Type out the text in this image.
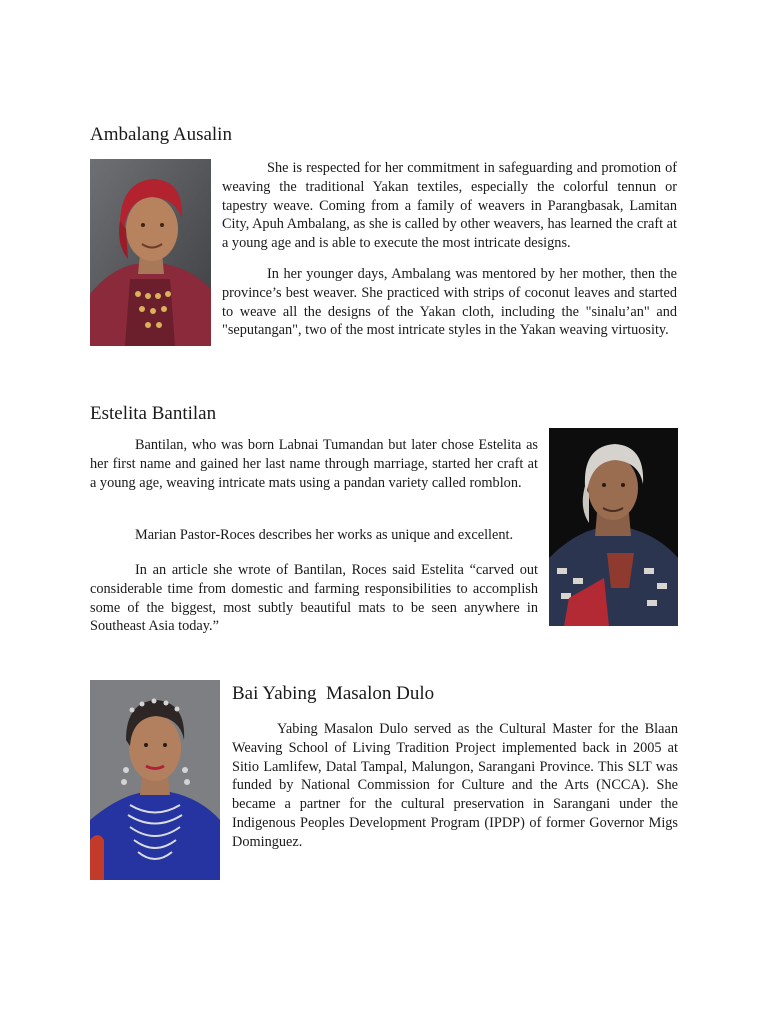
Ambalang Ausalin

She is respected for her commitment in safeguarding and promotion of weaving the traditional Yakan textiles, especially the colorful tennun or tapestry weave. Coming from a family of weavers in Parangbasak, Lamitan City, Apuh Ambalang, as she is called by other weavers, has learned the craft at a young age and is able to execute the most intricate designs.

In her younger days, Ambalang was mentored by her mother, then the province’s best weaver. She practiced with strips of coconut leaves and started to weave all the designs of the Yakan cloth, including the "sinalu’an" and "seputangan", two of the most intricate styles in the Yakan weaving virtuosity.

Estelita Bantilan

Bantilan, who was born Labnai Tumandan but later chose Estelita as her first name and gained her last name through marriage, started her craft at a young age, weaving intricate mats using a pandan variety called romblon.

Marian Pastor-Roces describes her works as unique and excellent.

In an article she wrote of Bantilan, Roces said Estelita “carved out considerable time from domestic and farming responsibilities to accomplish some of the biggest, most subtly beautiful mats to be seen anywhere in Southeast Asia today.”

Bai Yabing  Masalon Dulo

Yabing Masalon Dulo served as the Cultural Master for the Blaan Weaving School of Living Tradition Project implemented back in 2005 at Sitio Lamlifew, Datal Tampal, Malungon, Sarangani Province. This SLT was funded by National Commission for Culture and the Arts (NCCA). She became a partner for the cultural preservation in Sarangani under the Indigenous Peoples Development Program (IPDP) of former Governor Migs Dominguez.
